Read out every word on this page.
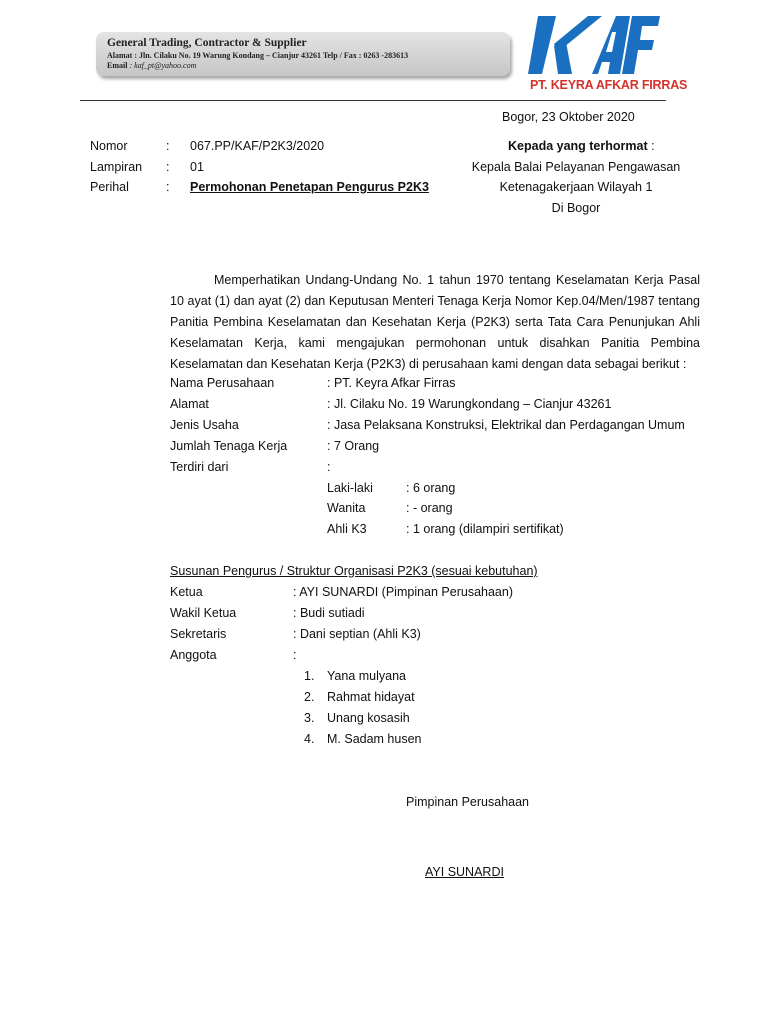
General Trading, Contractor & Supplier
Alamat : Jln. Cilaku No. 19 Warung Kondang – Cianjur 43261 Telp / Fax : 0263 -283613
Email : kaf_pt@yahoo.com
PT. KEYRA AFKAR FIRRAS
Bogor, 23 Oktober 2020
Nomor	: 067.PP/KAF/P2K3/2020
Lampiran : 01
Perihal	: Permohonan Penetapan Pengurus P2K3
Kepada yang terhormat :
Kepala Balai Pelayanan Pengawasan
Ketenagakerjaan Wilayah 1
Di Bogor
Memperhatikan Undang-Undang No. 1 tahun 1970 tentang Keselamatan Kerja Pasal 10 ayat (1) dan ayat (2) dan Keputusan Menteri Tenaga Kerja Nomor Kep.04/Men/1987 tentang Panitia Pembina Keselamatan dan Kesehatan Kerja (P2K3) serta Tata Cara Penunjukan Ahli Keselamatan Kerja, kami mengajukan permohonan untuk disahkan Panitia Pembina Keselamatan dan Kesehatan Kerja (P2K3) di perusahaan kami dengan data sebagai berikut :
Nama Perusahaan	: PT. Keyra Afkar Firras
Alamat	: Jl. Cilaku No. 19 Warungkondang – Cianjur 43261
Jenis Usaha	: Jasa Pelaksana Konstruksi, Elektrikal dan Perdagangan Umum
Jumlah Tenaga Kerja	: 7 Orang
Terdiri dari	:
Laki-laki	: 6 orang
Wanita	: - orang
Ahli K3	: 1 orang (dilampiri sertifikat)
Susunan Pengurus / Struktur Organisasi P2K3 (sesuai kebutuhan)
Ketua	: AYI SUNARDI (Pimpinan Perusahaan)
Wakil Ketua	: Budi sutiadi
Sekretaris	: Dani septian (Ahli K3)
Anggota	:
1. Yana mulyana
2. Rahmat hidayat
3. Unang kosasih
4. M. Sadam husen
Pimpinan Perusahaan
AYI SUNARDI
